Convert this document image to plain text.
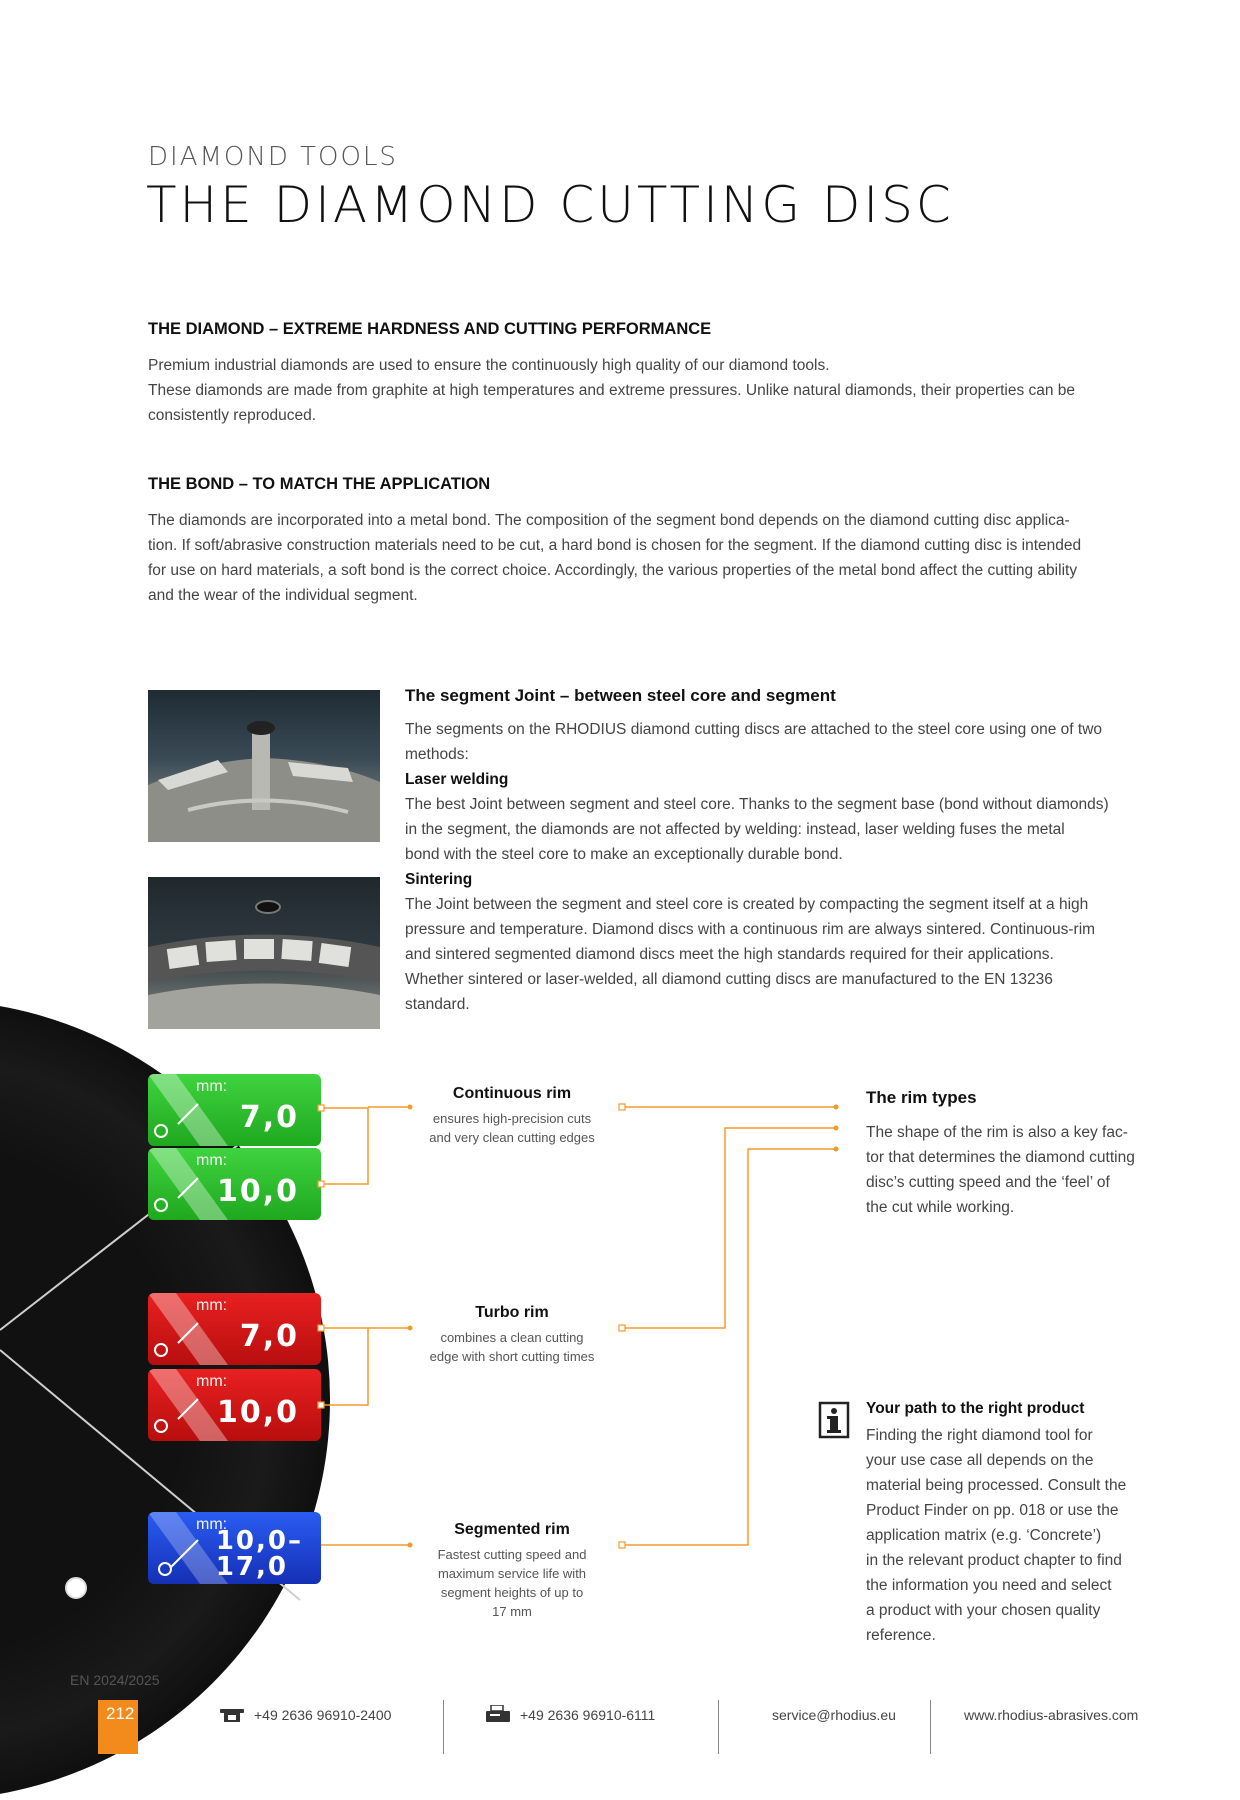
DIAMOND TOOLS
THE DIAMOND CUTTING DISC
THE DIAMOND – EXTREME HARDNESS AND CUTTING PERFORMANCE
Premium industrial diamonds are used to ensure the continuously high quality of our diamond tools.
These diamonds are made from graphite at high temperatures and extreme pressures. Unlike natural diamonds, their properties can be
consistently reproduced.
THE BOND – TO MATCH THE APPLICATION
The diamonds are incorporated into a metal bond. The composition of the segment bond depends on the diamond cutting disc applica-
tion. If soft/abrasive construction materials need to be cut, a hard bond is chosen for the segment. If the diamond cutting disc is intended
for use on hard materials, a soft bond is the correct choice. Accordingly, the various properties of the metal bond affect the cutting ability
and the wear of the individual segment.
The segment Joint – between steel core and segment
The segments on the RHODIUS diamond cutting discs are attached to the steel core using one of two
methods:
Laser welding
The best Joint between segment and steel core. Thanks to the segment base (bond without diamonds)
in the segment, the diamonds are not affected by welding: instead, laser welding fuses the metal
bond with the steel core to make an exceptionally durable bond.
Sintering
The Joint between the segment and steel core is created by compacting the segment itself at a high
pressure and temperature. Diamond discs with a continuous rim are always sintered. Continuous-rim
and sintered segmented diamond discs meet the high standards required for their applications.
Whether sintered or laser-welded, all diamond cutting discs are manufactured to the EN 13236
standard.
mm:
7,0
mm:
10,0
mm:
7,0
mm:
10,0
mm:
10,0–
17,0
Continuous rim
ensures high-precision cuts
and very clean cutting edges
Turbo rim
combines a clean cutting
edge with short cutting times
Segmented rim
Fastest cutting speed and
maximum service life with
segment heights of up to
17 mm
The rim types
The shape of the rim is also a key fac-
tor that determines the diamond cutting
disc’s cutting speed and the ‘feel’ of
the cut while working.
Your path to the right product
Finding the right diamond tool for
your use case all depends on the
material being processed. Consult the
Product Finder on pp. 018 or use the
application matrix (e.g. ‘Concrete’)
in the relevant product chapter to find
the information you need and select
a product with your chosen quality
reference.
EN 2024/2025
212	+49 2636 96910-2400	+49 2636 96910-6111	service@rhodius.eu	www.rhodius-abrasives.com
